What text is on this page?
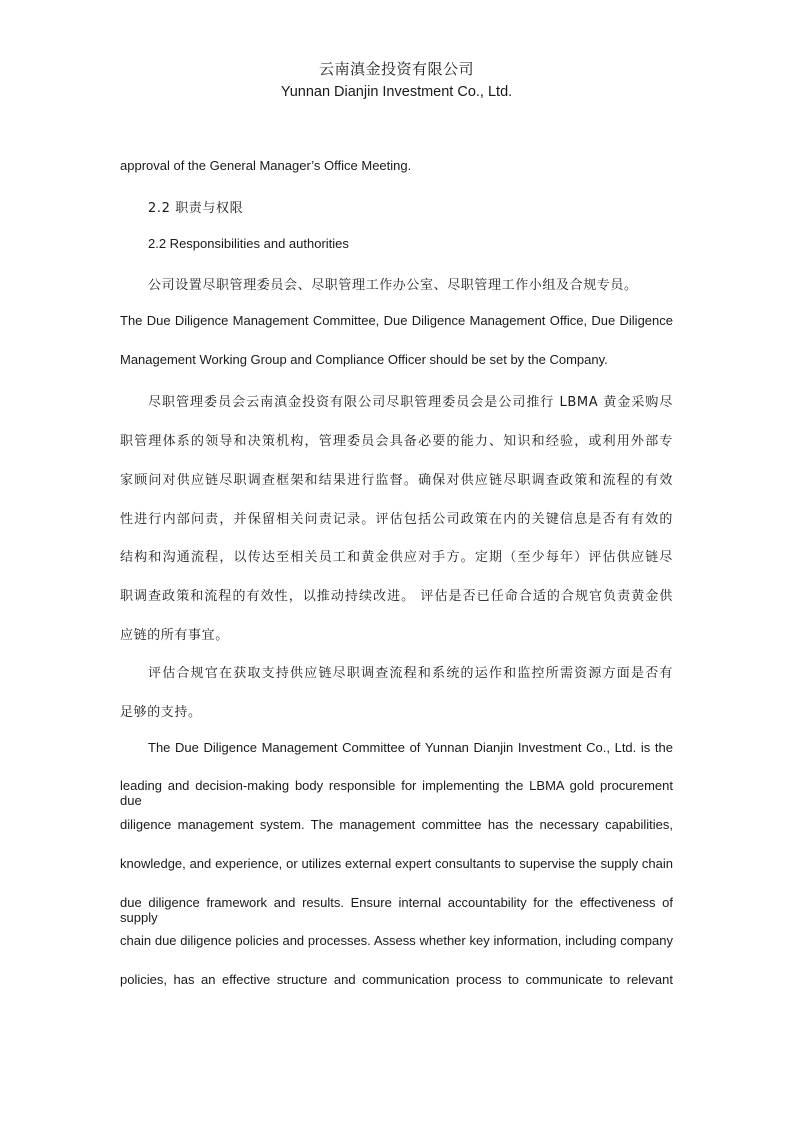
云南滇金投资有限公司
Yunnan Dianjin Investment Co., Ltd.
approval of the General Manager’s Office Meeting.
2.2 职责与权限
2.2 Responsibilities and authorities
公司设置尽职管理委员会、尽职管理工作办公室、尽职管理工作小组及合规专员。
The Due Diligence Management Committee, Due Diligence Management Office, Due Diligence
Management Working Group and Compliance Officer should be set by the Company.
尽职管理委员会云南滇金投资有限公司尽职管理委员会是公司推行 LBMA 黄金采购尽
职管理体系的领导和决策机构，管理委员会具备必要的能力、知识和经验，或利用外部专
家顾问对供应链尽职调查框架和结果进行监督。确保对供应链尽职调查政策和流程的有效
性进行内部问责，并保留相关问责记录。评估包括公司政策在内的关键信息是否有有效的
结构和沟通流程，以传达至相关员工和黄金供应对手方。定期（至少每年）评估供应链尽
职调查政策和流程的有效性，以推动持续改进。 评估是否已任命合适的合规官负责黄金供
应链的所有事宜。
评估合规官在获取支持供应链尽职调查流程和系统的运作和监控所需资源方面是否有
足够的支持。
The Due Diligence Management Committee of Yunnan Dianjin Investment Co., Ltd. is the
leading and decision-making body responsible for implementing the LBMA gold procurement due
diligence management system. The management committee has the necessary capabilities,
knowledge, and experience, or utilizes external expert consultants to supervise the supply chain
due diligence framework and results. Ensure internal accountability for the effectiveness of supply
chain due diligence policies and processes. Assess whether key information, including company
policies, has an effective structure and communication process to communicate to relevant
